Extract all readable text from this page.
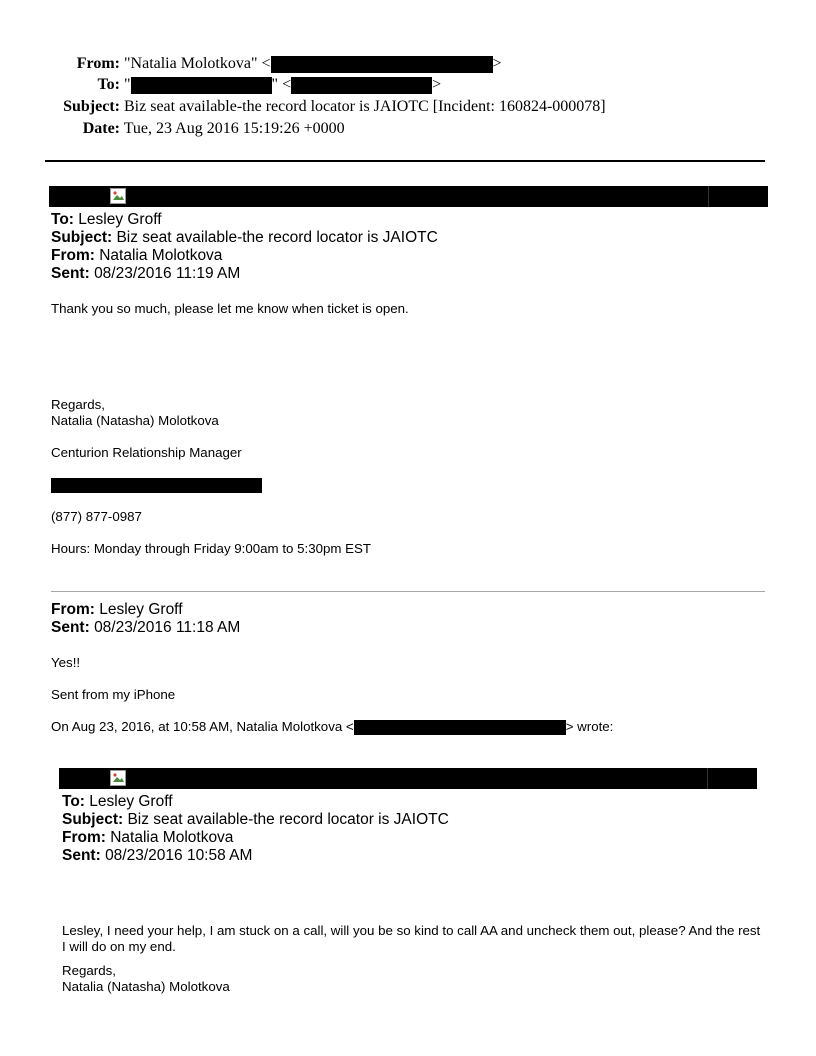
From: "Natalia Molotkova" <	>
To: "	" <	>
Subject: Biz seat available-the record locator is JAIOTC [Incident: 160824-000078]
Date: Tue, 23 Aug 2016 15:19:26 +0000
To: Lesley Groff
Subject: Biz seat available-the record locator is JAIOTC
From: Natalia Molotkova
Sent: 08/23/2016 11:19 AM
Thank you so much, please let me know when ticket is open.
Regards,
Natalia (Natasha) Molotkova
Centurion Relationship Manager
(877) 877-0987
Hours: Monday through Friday 9:00am to 5:30pm EST
From: Lesley Groff
Sent: 08/23/2016 11:18 AM
Yes!!
Sent from my iPhone
On Aug 23, 2016, at 10:58 AM, Natalia Molotkova <	> wrote:
To: Lesley Groff
Subject: Biz seat available-the record locator is JAIOTC
From: Natalia Molotkova
Sent: 08/23/2016 10:58 AM
Lesley, I need your help, I am stuck on a call, will you be so kind to call AA and uncheck them out, please? And the rest I will do on my end.
Regards,
Natalia (Natasha) Molotkova
